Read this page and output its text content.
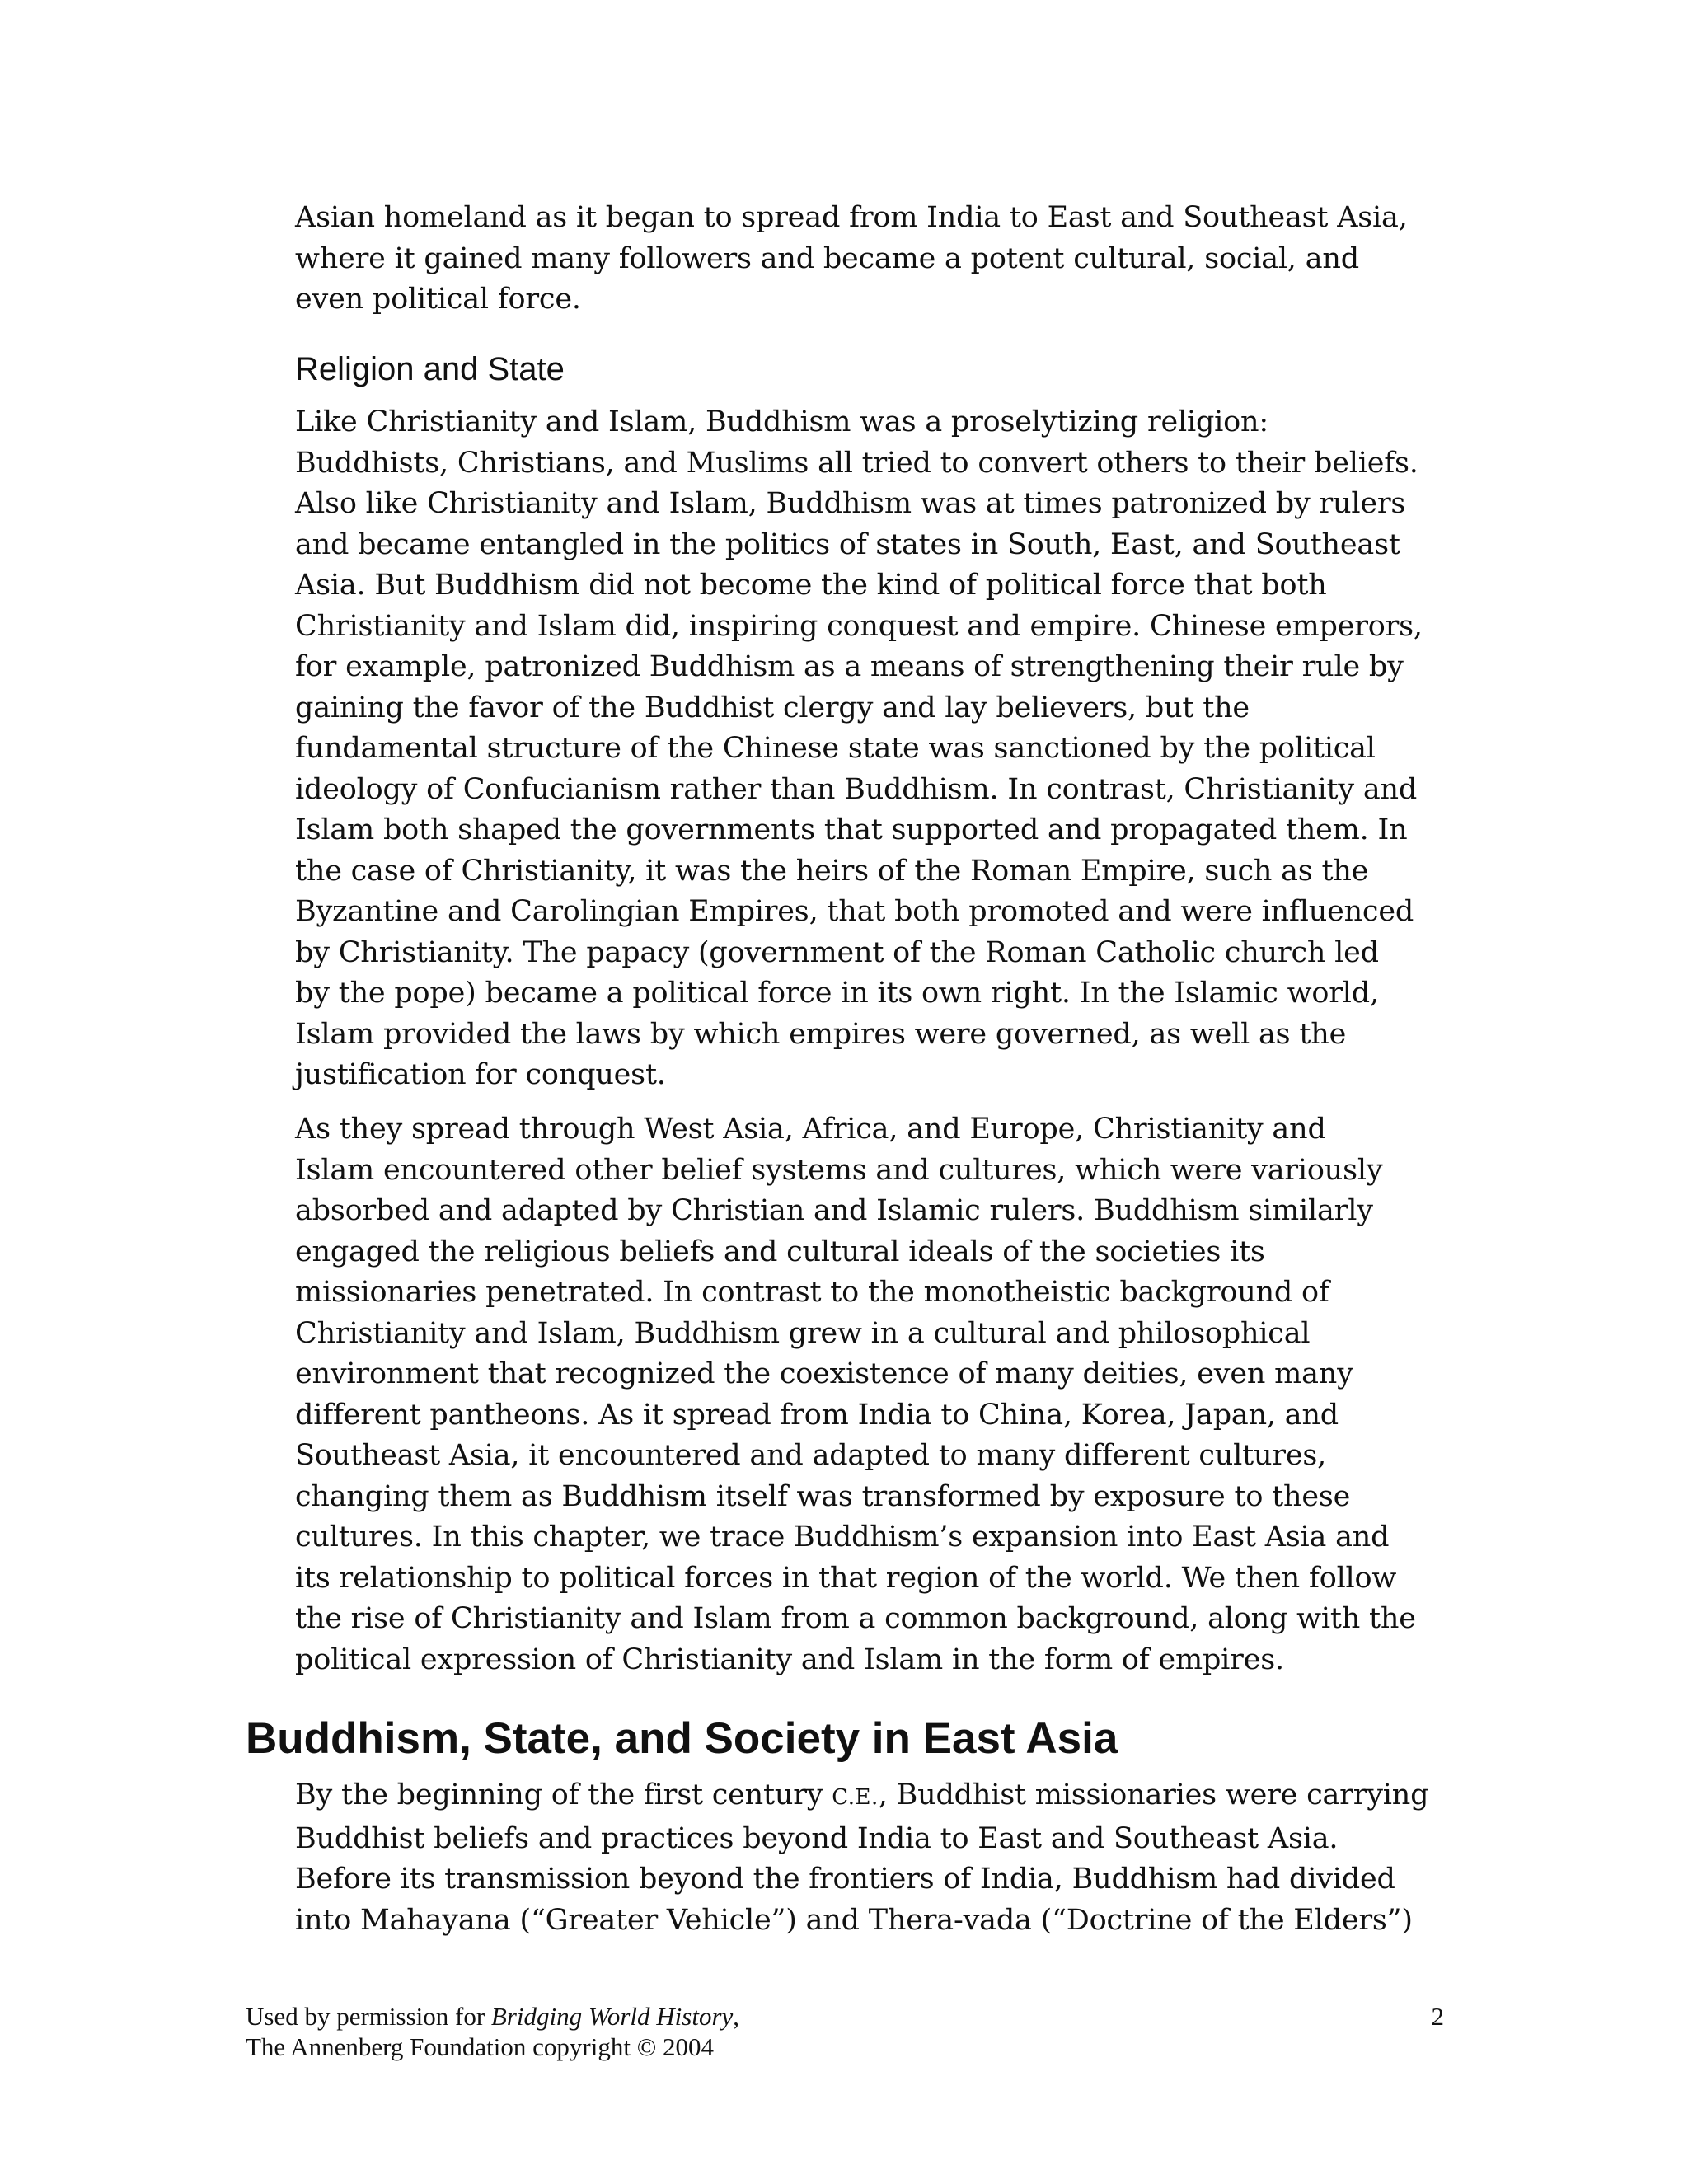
Asian homeland as it began to spread from India to East and Southeast Asia,
where it gained many followers and became a potent cultural, social, and
even political force.
Religion and State
Like Christianity and Islam, Buddhism was a proselytizing religion:
Buddhists, Christians, and Muslims all tried to convert others to their beliefs.
Also like Christianity and Islam, Buddhism was at times patronized by rulers
and became entangled in the politics of states in South, East, and Southeast
Asia. But Buddhism did not become the kind of political force that both
Christianity and Islam did, inspiring conquest and empire. Chinese emperors,
for example, patronized Buddhism as a means of strengthening their rule by
gaining the favor of the Buddhist clergy and lay believers, but the
fundamental structure of the Chinese state was sanctioned by the political
ideology of Confucianism rather than Buddhism. In contrast, Christianity and
Islam both shaped the governments that supported and propagated them. In
the case of Christianity, it was the heirs of the Roman Empire, such as the
Byzantine and Carolingian Empires, that both promoted and were influenced
by Christianity. The papacy (government of the Roman Catholic church led
by the pope) became a political force in its own right. In the Islamic world,
Islam provided the laws by which empires were governed, as well as the
justification for conquest.
As they spread through West Asia, Africa, and Europe, Christianity and
Islam encountered other belief systems and cultures, which were variously
absorbed and adapted by Christian and Islamic rulers. Buddhism similarly
engaged the religious beliefs and cultural ideals of the societies its
missionaries penetrated. In contrast to the monotheistic background of
Christianity and Islam, Buddhism grew in a cultural and philosophical
environment that recognized the coexistence of many deities, even many
different pantheons. As it spread from India to China, Korea, Japan, and
Southeast Asia, it encountered and adapted to many different cultures,
changing them as Buddhism itself was transformed by exposure to these
cultures. In this chapter, we trace Buddhism’s expansion into East Asia and
its relationship to political forces in that region of the world. We then follow
the rise of Christianity and Islam from a common background, along with the
political expression of Christianity and Islam in the form of empires.
Buddhism, State, and Society in East Asia
By the beginning of the first century C.E., Buddhist missionaries were carrying
Buddhist beliefs and practices beyond India to East and Southeast Asia.
Before its transmission beyond the frontiers of India, Buddhism had divided
into Mahayana (“Greater Vehicle”) and Thera-vada (“Doctrine of the Elders”)
Used by permission for Bridging World History,
The Annenberg Foundation copyright © 2004
2
